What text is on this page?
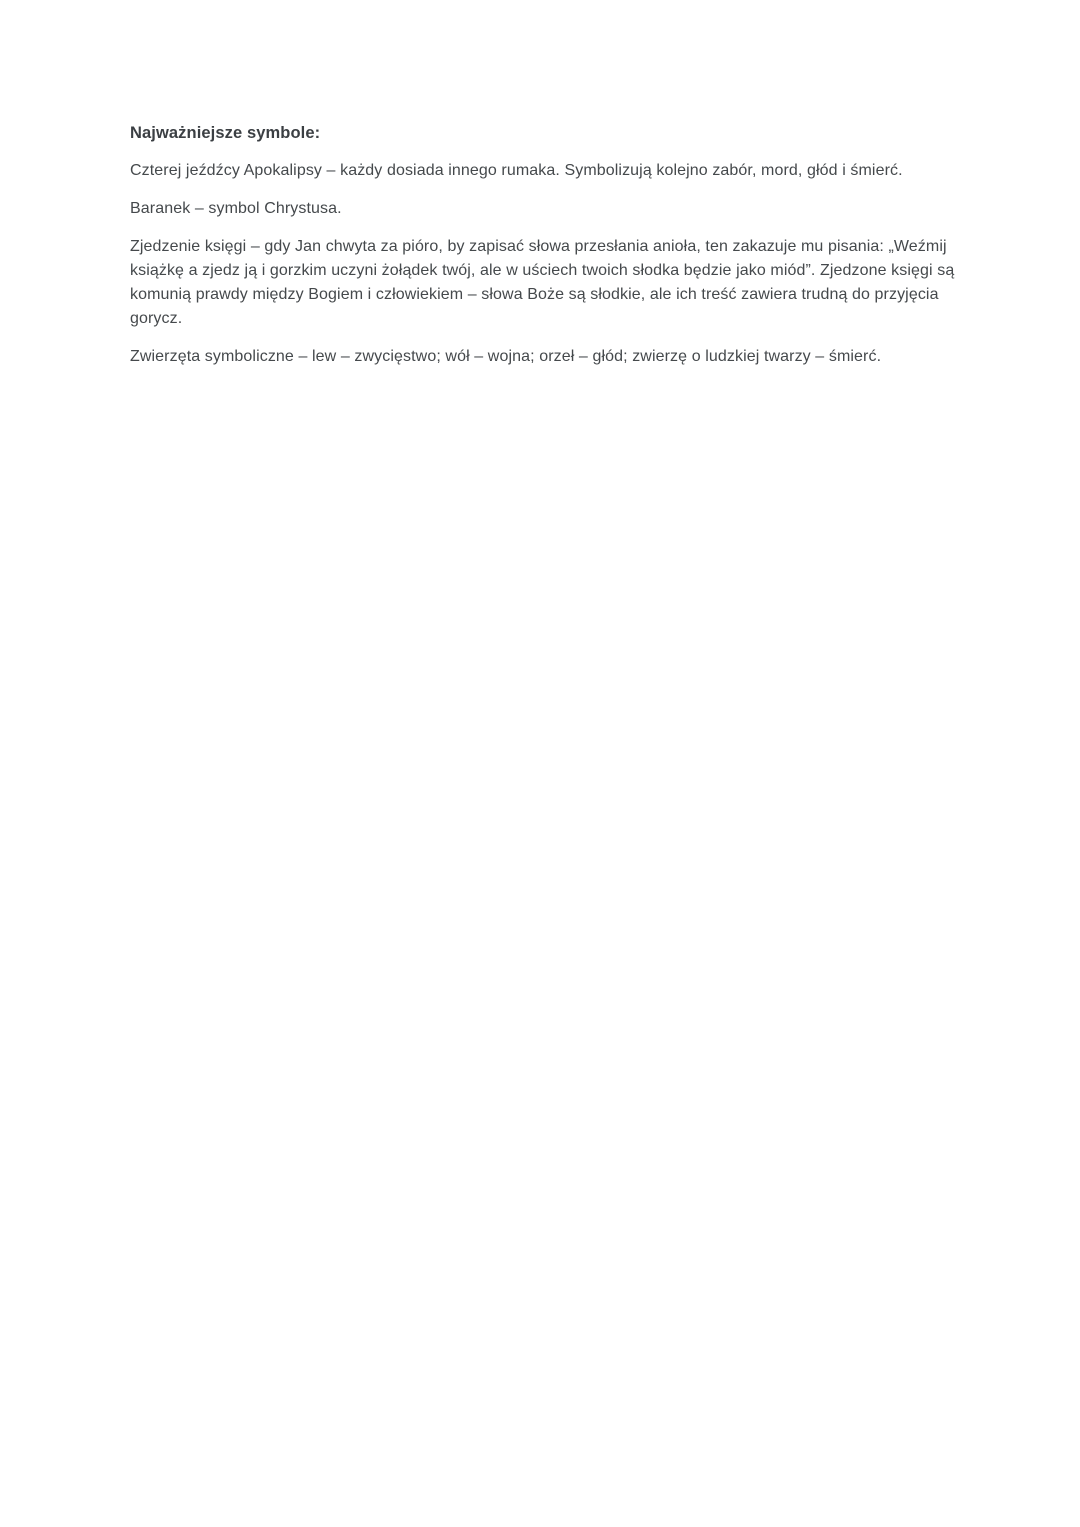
Najważniejsze symbole:

Czterej jeźdźcy Apokalipsy – każdy dosiada innego rumaka. Symbolizują kolejno zabór, mord, głód i śmierć.

Baranek – symbol Chrystusa.

Zjedzenie księgi – gdy Jan chwyta za pióro, by zapisać słowa przesłania anioła, ten zakazuje mu pisania: „Weźmij książkę a zjedz ją i gorzkim uczyni żołądek twój, ale w uściech twoich słodka będzie jako miód”. Zjedzone księgi są komunią prawdy między Bogiem i człowiekiem – słowa Boże są słodkie, ale ich treść zawiera trudną do przyjęcia gorycz.

Zwierzęta symboliczne – lew – zwycięstwo; wół – wojna; orzeł – głód; zwierzę o ludzkiej twarzy – śmierć.
